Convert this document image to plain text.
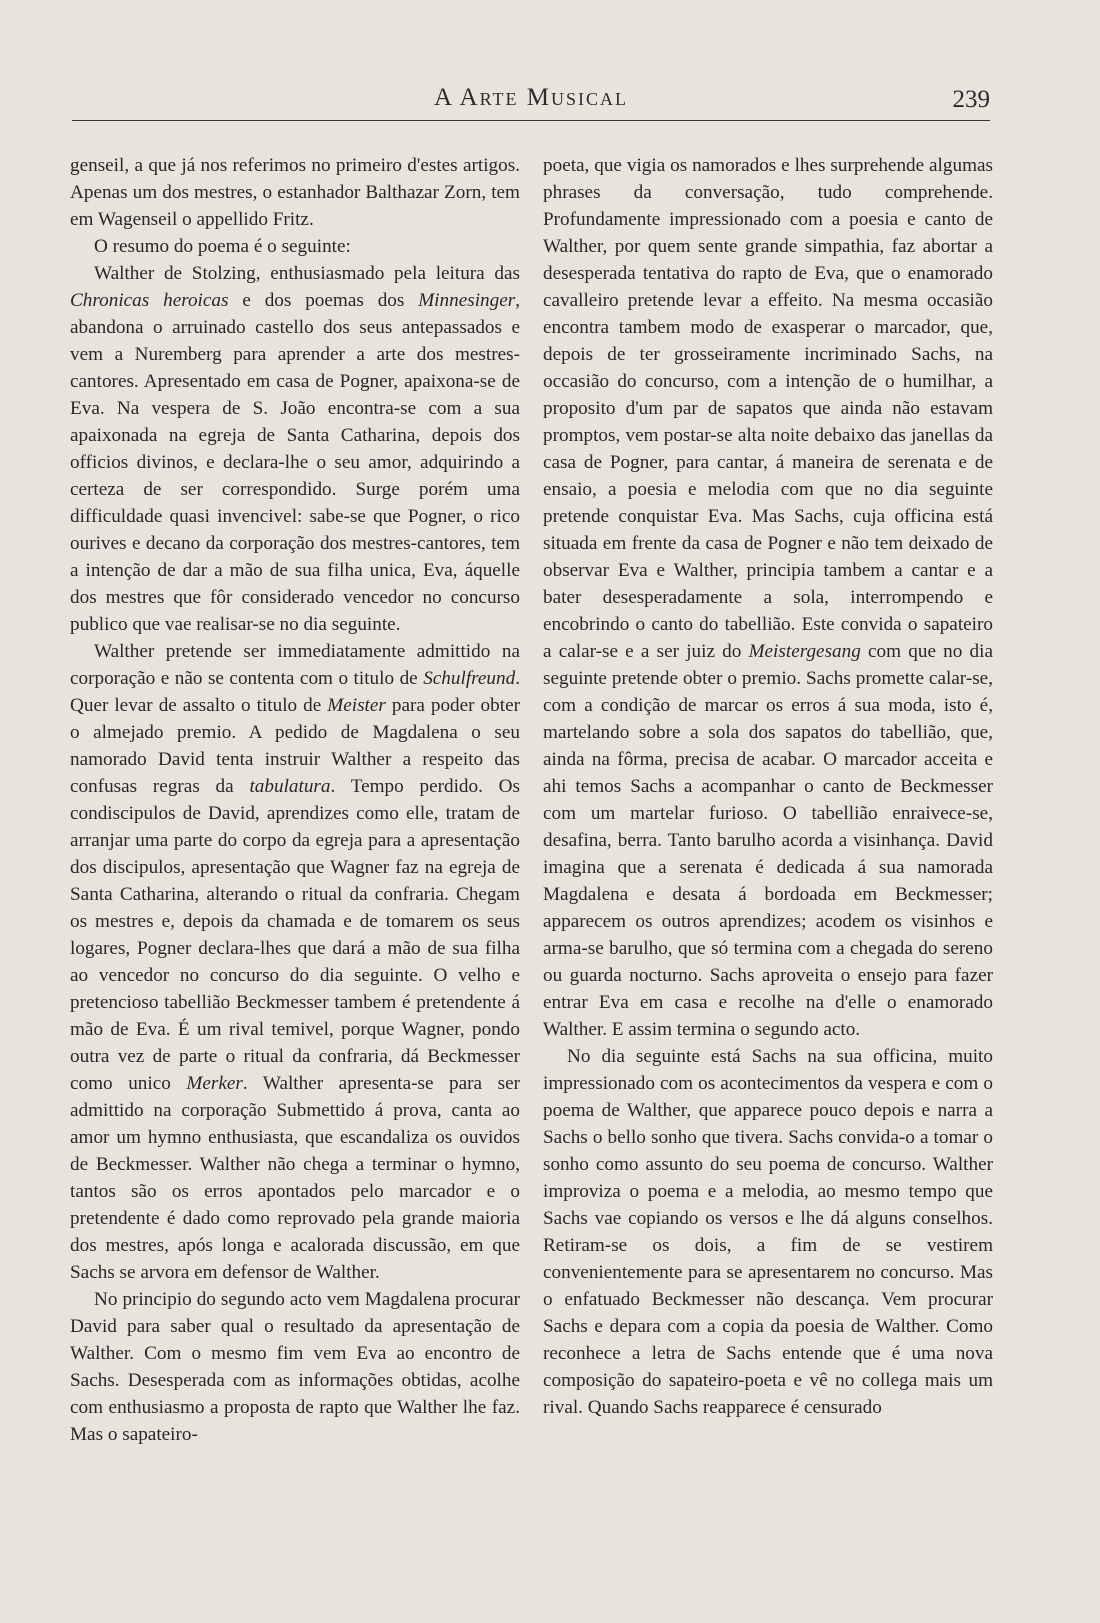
A Arte Musical	239

genseil, a que já nos referimos no primeiro d'estes artigos. Apenas um dos mestres, o estanhador Balthazar Zorn, tem em Wagenseil o appellido Fritz.

O resumo do poema é o seguinte:

Walther de Stolzing, enthusiasmado pela leitura das Chronicas heroicas e dos poemas dos Minnesinger, abandona o arruinado castello dos seus antepassados e vem a Nuremberg para aprender a arte dos mestres-cantores. Apresentado em casa de Pogner, apaixona-se de Eva. Na vespera de S. João encontra-se com a sua apaixonada na egreja de Santa Catharina, depois dos officios divinos, e declara-lhe o seu amor, adquirindo a certeza de ser correspondido. Surge porém uma difficuldade quasi invencivel: sabe-se que Pogner, o rico ourives e decano da corporação dos mestres-cantores, tem a intenção de dar a mão de sua filha unica, Eva, áquelle dos mestres que fôr considerado vencedor no concurso publico que vae realisar-se no dia seguinte.

Walther pretende ser immediatamente admittido na corporação e não se contenta com o titulo de Schulfreund. Quer levar de assalto o titulo de Meister para poder obter o almejado premio. A pedido de Magdalena o seu namorado David tenta instruir Walther a respeito das confusas regras da tabulatura. Tempo perdido. Os condiscipulos de David, aprendizes como elle, tratam de arranjar uma parte do corpo da egreja para a apresentação dos discipulos, apresentação que Wagner faz na egreja de Santa Catharina, alterando o ritual da confraria. Chegam os mestres e, depois da chamada e de tomarem os seus logares, Pogner declara-lhes que dará a mão de sua filha ao vencedor no concurso do dia seguinte. O velho e pretencioso tabellião Beckmesser tambem é pretendente á mão de Eva. É um rival temivel, porque Wagner, pondo outra vez de parte o ritual da confraria, dá Beckmesser como unico Merker. Walther apresenta-se para ser admittido na corporação Submettido á prova, canta ao amor um hymno enthusiasta, que escandaliza os ouvidos de Beckmesser. Walther não chega a terminar o hymno, tantos são os erros apontados pelo marcador e o pretendente é dado como reprovado pela grande maioria dos mestres, após longa e acalorada discussão, em que Sachs se arvora em defensor de Walther.

No principio do segundo acto vem Magdalena procurar David para saber qual o resultado da apresentação de Walther. Com o mesmo fim vem Eva ao encontro de Sachs. Desesperada com as informações obtidas, acolhe com enthusiasmo a proposta de rapto que Walther lhe faz. Mas o sapateiro-

poeta, que vigia os namorados e lhes surprehende algumas phrases da conversação, tudo comprehende. Profundamente impressionado com a poesia e canto de Walther, por quem sente grande simpathia, faz abortar a desesperada tentativa do rapto de Eva, que o enamorado cavalleiro pretende levar a effeito. Na mesma occasião encontra tambem modo de exasperar o marcador, que, depois de ter grosseiramente incriminado Sachs, na occasião do concurso, com a intenção de o humilhar, a proposito d'um par de sapatos que ainda não estavam promptos, vem postar-se alta noite debaixo das janellas da casa de Pogner, para cantar, á maneira de serenata e de ensaio, a poesia e melodia com que no dia seguinte pretende conquistar Eva. Mas Sachs, cuja officina está situada em frente da casa de Pogner e não tem deixado de observar Eva e Walther, principia tambem a cantar e a bater desesperadamente a sola, interrompendo e encobrindo o canto do tabellião. Este convida o sapateiro a calar-se e a ser juiz do Meistergesang com que no dia seguinte pretende obter o premio. Sachs promette calar-se, com a condição de marcar os erros á sua moda, isto é, martelando sobre a sola dos sapatos do tabellião, que, ainda na fôrma, precisa de acabar. O marcador acceita e ahi temos Sachs a acompanhar o canto de Beckmesser com um martelar furioso. O tabellião enraivece-se, desafina, berra. Tanto barulho acorda a visinhança. David imagina que a serenata é dedicada á sua namorada Magdalena e desata á bordoada em Beckmesser; apparecem os outros aprendizes; acodem os visinhos e arma-se barulho, que só termina com a chegada do sereno ou guarda nocturno. Sachs aproveita o ensejo para fazer entrar Eva em casa e recolhe na d'elle o enamorado Walther. E assim termina o segundo acto.

No dia seguinte está Sachs na sua officina, muito impressionado com os acontecimentos da vespera e com o poema de Walther, que apparece pouco depois e narra a Sachs o bello sonho que tivera. Sachs convida-o a tomar o sonho como assunto do seu poema de concurso. Walther improviza o poema e a melodia, ao mesmo tempo que Sachs vae copiando os versos e lhe dá alguns conselhos. Retiram-se os dois, a fim de se vestirem convenientemente para se apresentarem no concurso. Mas o enfatuado Beckmesser não descança. Vem procurar Sachs e depara com a copia da poesia de Walther. Como reconhece a letra de Sachs entende que é uma nova composição do sapateiro-poeta e vê no collega mais um rival. Quando Sachs reapparece é censurado
